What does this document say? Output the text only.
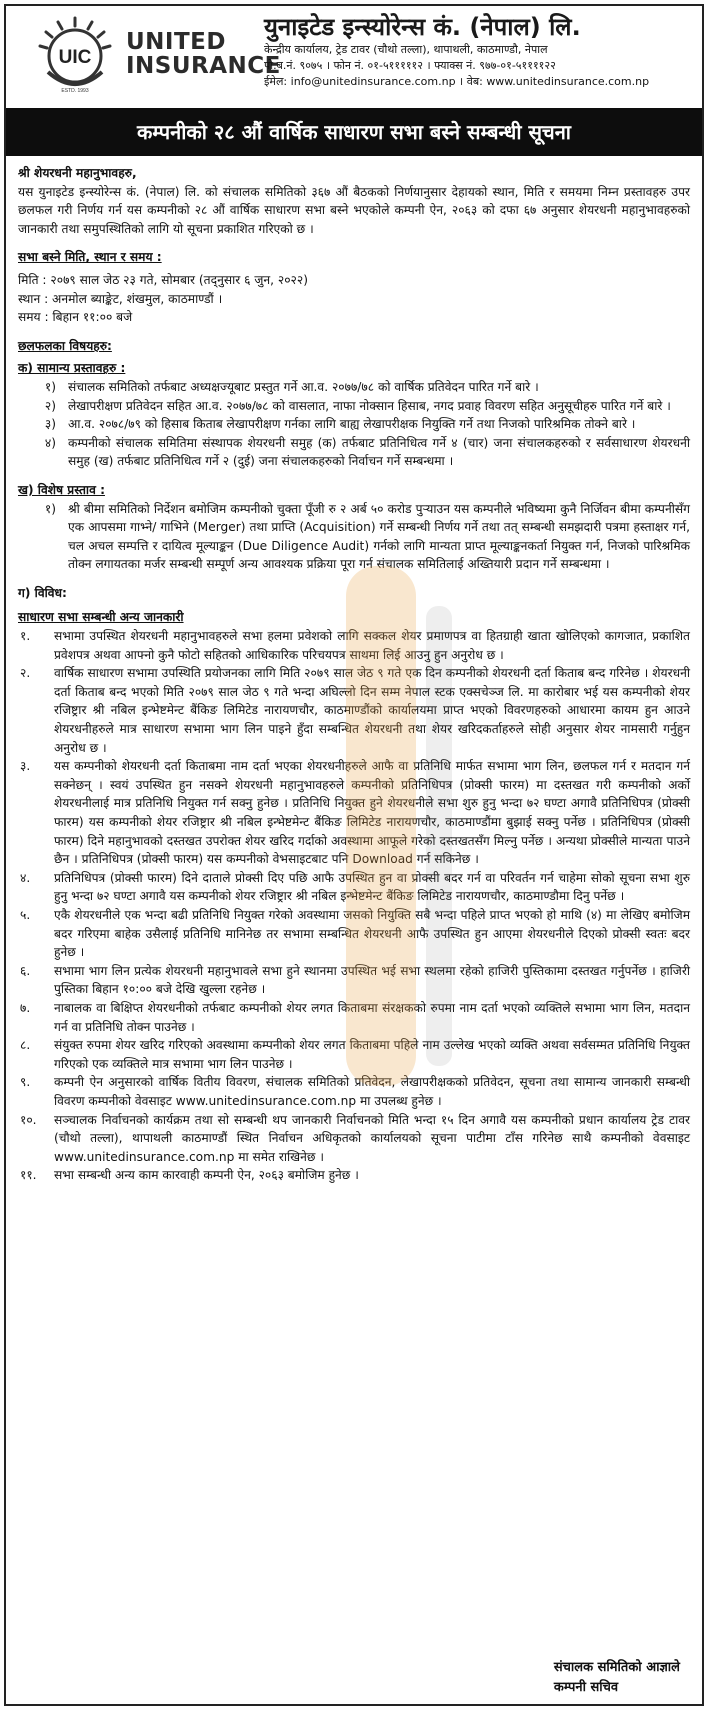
UIC
ESTD. 1993
UNITED
INSURANCE
युनाइटेड इन्स्योरेन्स कं. (नेपाल) लि.
केन्द्रीय कार्यालय, ट्रेड टावर (चौथो तल्ला), थापाथली, काठमाण्डौ, नेपाल
पो.ब.नं. ९०७५ । फोन नं. ०१-५१११११२ । फ्याक्स नं. ९७७-०१-५११११२२
ईमेल: info@unitedinsurance.com.np । वेब: www.unitedinsurance.com.np
कम्पनीको २८ औं वार्षिक साधारण सभा बस्ने सम्बन्धी सूचना

श्री शेयरधनी महानुभावहरु,

यस युनाइटेड इन्स्योरेन्स कं. (नेपाल) लि. को संचालक समितिको ३६७ औं बैठकको निर्णयानुसार देहायको स्थान, मिति र समयमा निम्न प्रस्तावहरु उपर छलफल गरी निर्णय गर्न यस कम्पनीको २८ औं वार्षिक साधारण सभा बस्ने भएकोले कम्पनी ऐन, २०६३ को दफा ६७ अनुसार शेयरधनी महानुभावहरुको जानकारी तथा समुपस्थितिको लागि यो सूचना प्रकाशित गरिएको छ ।

सभा बस्ने मिति, स्थान र समय :

मिति : २०७९ साल जेठ २३ गते, सोमबार (तद्नुसार ६ जुन, २०२२)

स्थान : अनमोल ब्याङ्केट, शंखमुल, काठमाण्डौं ।

समय : बिहान ११:०० बजे

छलफलका विषयहरु:

क) सामान्य प्रस्तावहरु :

१) संचालक समितिको तर्फबाट अध्यक्षज्यूबाट प्रस्तुत गर्ने आ.व. २०७७/७८ को वार्षिक प्रतिवेदन पारित गर्ने बारे ।
२) लेखापरीक्षण प्रतिवेदन सहित आ.व. २०७७/७८ को वासलात, नाफा नोक्सान हिसाब, नगद प्रवाह विवरण सहित अनुसूचीहरु पारित गर्ने बारे ।
३) आ.व. २०७८/७९ को हिसाब किताब लेखापरीक्षण गर्नका लागि बाह्य लेखापरीक्षक नियुक्ति गर्ने तथा निजको पारिश्रमिक तोक्ने बारे ।
४) कम्पनीको संचालक समितिमा संस्थापक शेयरधनी समुह (क) तर्फबाट प्रतिनिधित्व गर्ने ४ (चार) जना संचालकहरुको र सर्वसाधारण शेयरधनी समुह (ख) तर्फबाट प्रतिनिधित्व गर्ने २ (दुई) जना संचालकहरुको निर्वाचन गर्ने सम्बन्धमा ।

ख) विशेष प्रस्ताव :

१) श्री बीमा समितिको निर्देशन बमोजिम कम्पनीको चुक्ता पूँजी रु २ अर्ब ५० करोड पुऱ्याउन यस कम्पनीले भविष्यमा कुनै निर्जिवन बीमा कम्पनीसँग एक आपसमा गाभ्ने/ गाभिने (Merger) तथा प्राप्ति (Acquisition) गर्ने सम्बन्धी निर्णय गर्ने तथा तत् सम्बन्धी समझदारी पत्रमा हस्ताक्षर गर्न, चल अचल सम्पत्ति र दायित्व मूल्याङ्कन (Due Diligence Audit) गर्नको लागि मान्यता प्राप्त मूल्याङ्कनकर्ता नियुक्त गर्न, निजको पारिश्रमिक तोक्न लगायतका मर्जर सम्बन्धी सम्पूर्ण अन्य आवश्यक प्रक्रिया पूरा गर्न संचालक समितिलाई अख्तियारी प्रदान गर्ने सम्बन्धमा ।

ग) विविध:

साधारण सभा सम्बन्धी अन्य जानकारी

१.	सभामा उपस्थित शेयरधनी महानुभावहरुले सभा हलमा प्रवेशको लागि सक्कल शेयर प्रमाणपत्र वा हितग्राही खाता खोलिएको कागजात, प्रकाशित प्रवेशपत्र अथवा आफ्नो कुनै फोटो सहितको आधिकारिक परिचयपत्र साथमा लिई आउनु हुन अनुरोध छ ।
२.	वार्षिक साधारण सभामा उपस्थिति प्रयोजनका लागि मिति २०७९ साल जेठ ९ गते एक दिन कम्पनीको शेयरधनी दर्ता किताब बन्द गरिनेछ । शेयरधनी दर्ता किताब बन्द भएको मिति २०७९ साल जेठ ९ गते भन्दा अघिल्लो दिन सम्म नेपाल स्टक एक्सचेञ्ज लि. मा कारोबार भई यस कम्पनीको शेयर रजिष्ट्रार श्री नबिल इन्भेष्टमेन्ट बैंकिङ लिमिटेड नारायणचौर, काठमाण्डौंको कार्यालयमा प्राप्त भएको विवरणहरुको आधारमा कायम हुन आउने शेयरधनीहरुले मात्र साधारण सभामा भाग लिन पाइने हुँदा सम्बन्धित शेयरधनी तथा शेयर खरिदकर्ताहरुले सोही अनुसार शेयर नामसारी गर्नुहुन अनुरोध छ ।
३.	यस कम्पनीको शेयरधनी दर्ता किताबमा नाम दर्ता भएका शेयरधनीहरुले आफै वा प्रतिनिधि मार्फत सभामा भाग लिन, छलफल गर्न र मतदान गर्न सक्नेछन् । स्वयं उपस्थित हुन नसक्ने शेयरधनी महानुभावहरुले कम्पनीको प्रतिनिधिपत्र (प्रोक्सी फारम) मा दस्तखत गरी कम्पनीको अर्को शेयरधनीलाई मात्र प्रतिनिधि नियुक्त गर्न सक्नु हुनेछ । प्रतिनिधि नियुक्त हुने शेयरधनीले सभा शुरु हुनु भन्दा ७२ घण्टा अगावै प्रतिनिधिपत्र (प्रोक्सी फारम) यस कम्पनीको शेयर रजिष्ट्रार श्री नबिल इन्भेष्टमेन्ट बैंकिङ लिमिटेड नारायणचौर, काठमाण्डौंमा बुझाई सक्नु पर्नेछ । प्रतिनिधिपत्र (प्रोक्सी फारम) दिने महानुभावको दस्तखत उपरोक्त शेयर खरिद गर्दाको अवस्थामा आफूले गरेको दस्तखतसँग मिल्नु पर्नेछ । अन्यथा प्रोक्सीले मान्यता पाउने छैन । प्रतिनिधिपत्र (प्रोक्सी फारम) यस कम्पनीको वेभसाइटबाट पनि Download गर्न सकिनेछ ।
४.	प्रतिनिधिपत्र (प्रोक्सी फारम) दिने दाताले प्रोक्सी दिए पछि आफै उपस्थित हुन वा प्रोक्सी बदर गर्न वा परिवर्तन गर्न चाहेमा सोको सूचना सभा शुरु हुनु भन्दा ७२ घण्टा अगावै यस कम्पनीको शेयर रजिष्ट्रार श्री नबिल इन्भेष्टमेन्ट बैंकिङ लिमिटेड नारायणचौर, काठमाण्डौमा दिनु पर्नेछ ।
५.	एकै शेयरधनीले एक भन्दा बढी प्रतिनिधि नियुक्त गरेको अवस्थामा जसको नियुक्ति सबै भन्दा पहिले प्राप्त भएको हो माथि (४) मा लेखिए बमोजिम बदर गरिएमा बाहेक उसैलाई प्रतिनिधि मानिनेछ तर सभामा सम्बन्धित शेयरधनी आफै उपस्थित हुन आएमा शेयरधनीले दिएको प्रोक्सी स्वतः बदर हुनेछ ।
६.	सभामा भाग लिन प्रत्येक शेयरधनी महानुभावले सभा हुने स्थानमा उपस्थित भई सभा स्थलमा रहेको हाजिरी पुस्तिकामा दस्तखत गर्नुपर्नेछ । हाजिरी पुस्तिका बिहान १०:०० बजे देखि खुल्ला रहनेछ ।
७.	नाबालक वा बिक्षिप्त शेयरधनीको तर्फबाट कम्पनीको शेयर लगत किताबमा संरक्षकको रुपमा नाम दर्ता भएको व्यक्तिले सभामा भाग लिन, मतदान गर्न वा प्रतिनिधि तोक्न पाउनेछ ।
८.	संयुक्त रुपमा शेयर खरिद गरिएको अवस्थामा कम्पनीको शेयर लगत किताबमा पहिले नाम उल्लेख भएको व्यक्ति अथवा सर्वसम्मत प्रतिनिधि नियुक्त गरिएको एक व्यक्तिले मात्र सभामा भाग लिन पाउनेछ ।
९.	कम्पनी ऐन अनुसारको वार्षिक वितीय विवरण, संचालक समितिको प्रतिवेदन, लेखापरीक्षकको प्रतिवेदन, सूचना तथा सामान्य जानकारी सम्बन्धी विवरण कम्पनीको वेवसाइट www.unitedinsurance.com.np मा उपलब्ध हुनेछ ।
१०.	सञ्चालक निर्वाचनको कार्यक्रम तथा सो सम्बन्धी थप जानकारी निर्वाचनको मिति भन्दा १५ दिन अगावै यस कम्पनीको प्रधान कार्यालय ट्रेड टावर (चौथो तल्ला), थापाथली काठमाण्डौं स्थित निर्वाचन अधिकृतको कार्यालयको सूचना पाटीमा टाँस गरिनेछ साथै कम्पनीको वेवसाइट www.unitedinsurance.com.np मा समेत राखिनेछ ।
११.	सभा सम्बन्धी अन्य काम कारवाही कम्पनी ऐन, २०६३ बमोजिम हुनेछ ।
संचालक समितिको आज्ञाले
कम्पनी सचिव
